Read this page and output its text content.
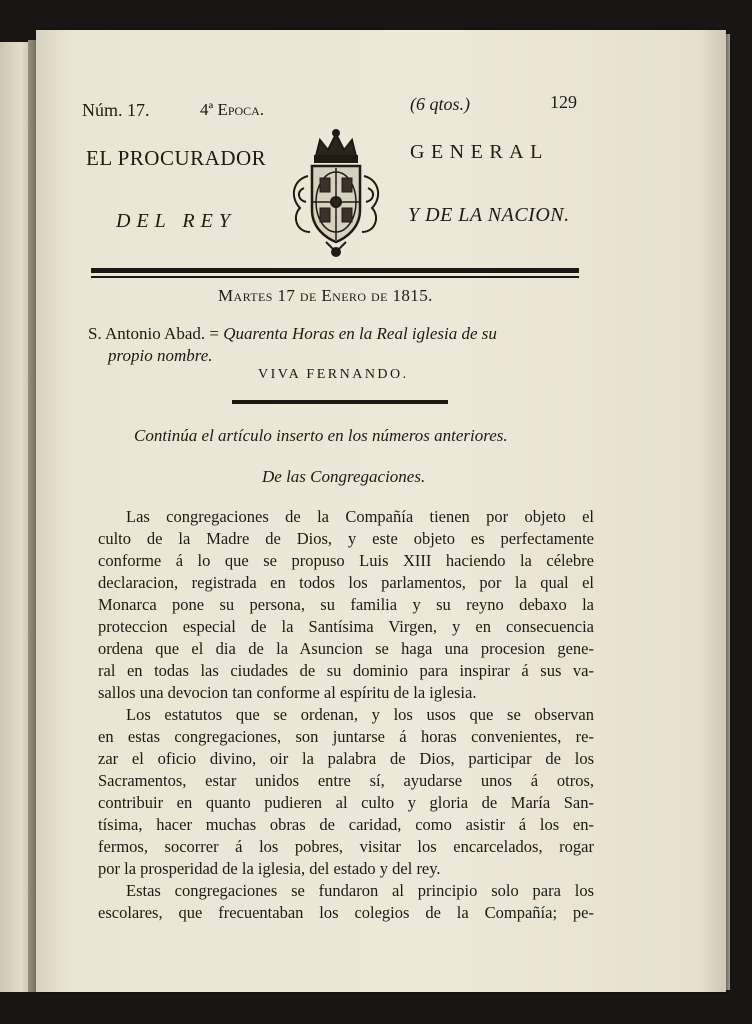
Núm. 17.	4ª Epoca.	(6 qtos.)	129
EL PROCURADOR	GENERAL
DEL REY	Y DE LA NACION.
Martes 17 de Enero de 1815.
S. Antonio Abad. = Quarenta Horas en la Real iglesia de su
propio nombre.
VIVA FERNANDO.
Continúa el artículo inserto en los números anteriores.
De las Congregaciones.
Las congregaciones de la Compañía tienen por objeto el
culto de la Madre de Dios, y este objeto es perfectamente
conforme á lo que se propuso Luis XIII haciendo la célebre
declaracion, registrada en todos los parlamentos, por la qual el
Monarca pone su persona, su familia y su reyno debaxo la
proteccion especial de la Santísima Virgen, y en consecuencia
ordena que el dia de la Asuncion se haga una procesion gene-
ral en todas las ciudades de su dominio para inspirar á sus va-
sallos una devocion tan conforme al espíritu de la iglesia.
Los estatutos que se ordenan, y los usos que se observan
en estas congregaciones, son juntarse á horas convenientes, re-
zar el oficio divino, oir la palabra de Dios, participar de los
Sacramentos, estar unidos entre sí, ayudarse unos á otros,
contribuir en quanto pudieren al culto y gloria de María San-
tísima, hacer muchas obras de caridad, como asistir á los en-
fermos, socorrer á los pobres, visitar los encarcelados, rogar
por la prosperidad de la iglesia, del estado y del rey.
Estas congregaciones se fundaron al principio solo para los
escolares, que frecuentaban los colegios de la Compañía; pe-
